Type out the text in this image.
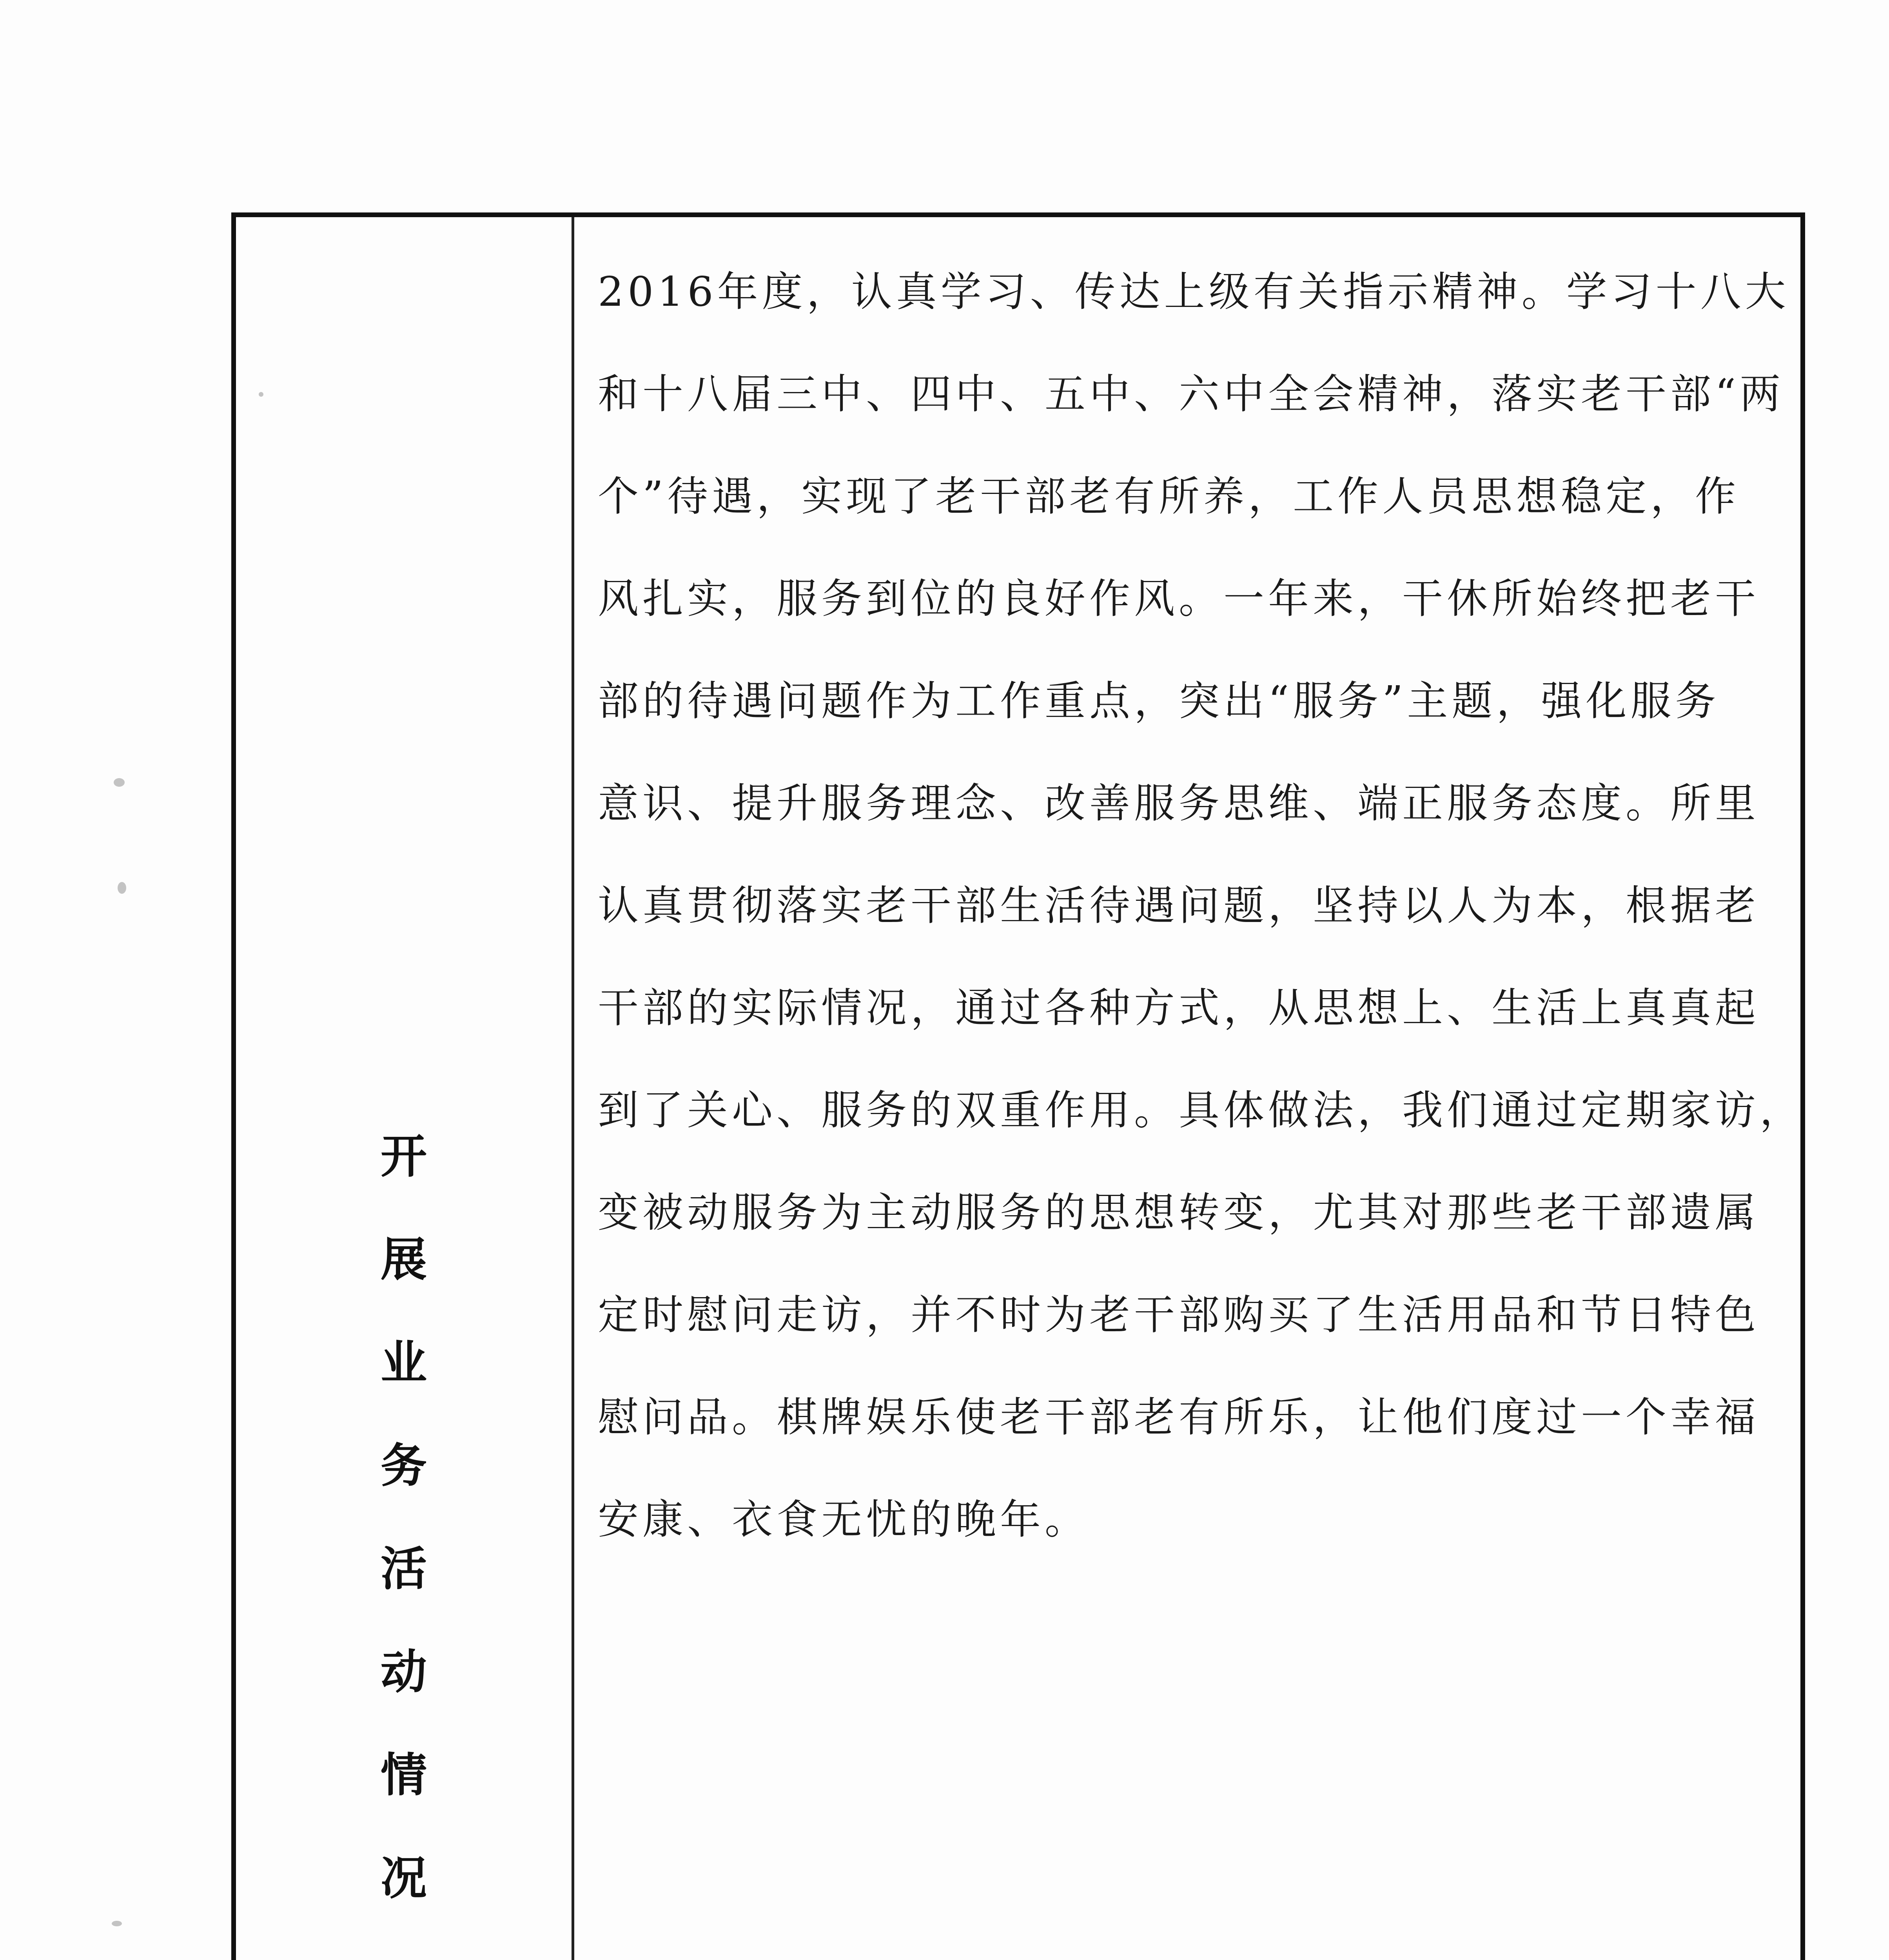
开
展
业
务
活
动
情
况

2016年度，认真学习、传达上级有关指示精神。学习十八大
和十八届三中、四中、五中、六中全会精神，落实老干部“两
个”待遇，实现了老干部老有所养，工作人员思想稳定，作
风扎实，服务到位的良好作风。一年来，干休所始终把老干
部的待遇问题作为工作重点，突出“服务”主题，强化服务
意识、提升服务理念、改善服务思维、端正服务态度。所里
认真贯彻落实老干部生活待遇问题，坚持以人为本，根据老
干部的实际情况，通过各种方式，从思想上、生活上真真起
到了关心、服务的双重作用。具体做法，我们通过定期家访，
变被动服务为主动服务的思想转变，尤其对那些老干部遗属
定时慰问走访，并不时为老干部购买了生活用品和节日特色
慰问品。棋牌娱乐使老干部老有所乐，让他们度过一个幸福
安康、衣食无忧的晚年。
